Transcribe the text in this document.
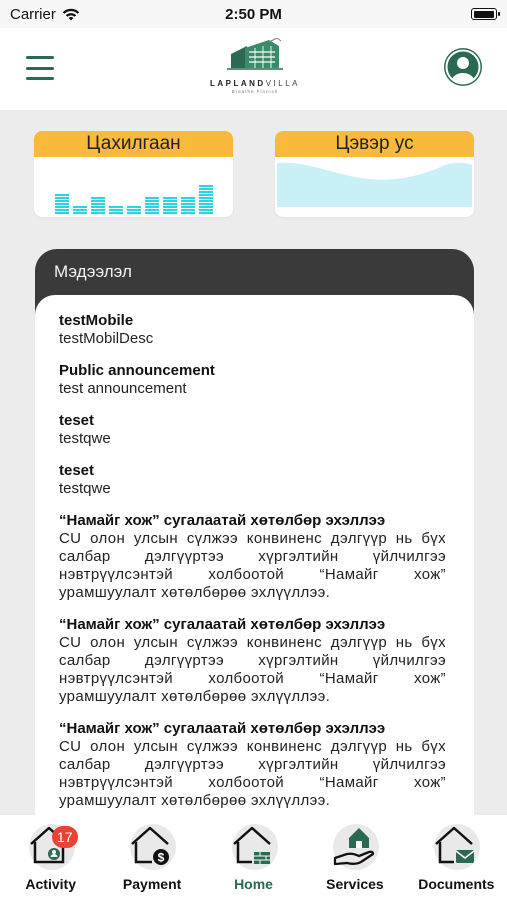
Carrier	2:50 PM
LAPLANDVILLA
Breathe Finnish
Цахилгаан	Цэвэр ус
Мэдээлэл
testMobile
testMobilDesc
Public announcement
test announcement
teset
testqwe
teset
testqwe
“Намайг хож” сугалаатай хөтөлбөр эхэллээ
CU олон улсын сүлжээ конвиненс дэлгүүр нь бүх салбар дэлгүүртээ хүргэлтийн үйлчилгээ нэвтрүүлсэнтэй холбоотой “Намайг хож” урамшуулалт хөтөлбөрөө эхлүүллээ.
“Намайг хож” сугалаатай хөтөлбөр эхэллээ
CU олон улсын сүлжээ конвиненс дэлгүүр нь бүх салбар дэлгүүртээ хүргэлтийн үйлчилгээ нэвтрүүлсэнтэй холбоотой “Намайг хож” урамшуулалт хөтөлбөрөө эхлүүллээ.
“Намайг хож” сугалаатай хөтөлбөр эхэллээ
CU олон улсын сүлжээ конвиненс дэлгүүр нь бүх салбар дэлгүүртээ хүргэлтийн үйлчилгээ нэвтрүүлсэнтэй холбоотой “Намайг хож” урамшуулалт хөтөлбөрөө эхлүүллээ.
17
Activity
$
Payment	Home	Services Documents
